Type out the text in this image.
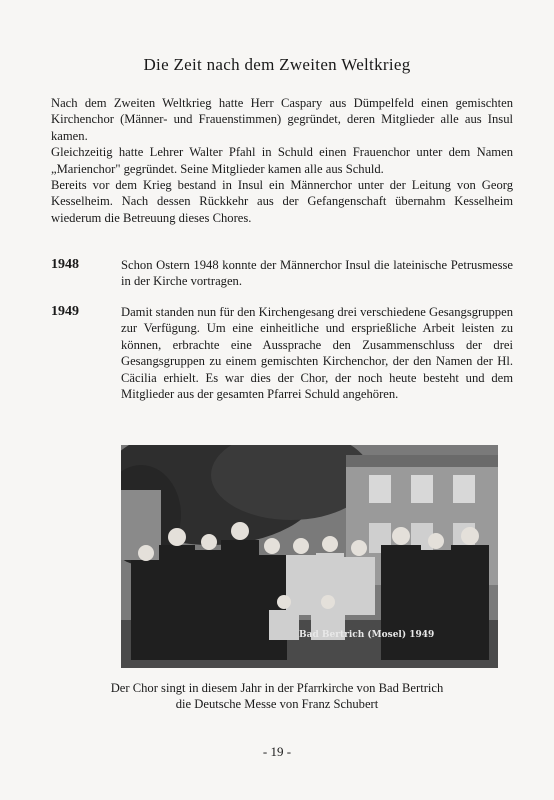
Die Zeit nach dem Zweiten Weltkrieg

Nach dem Zweiten Weltkrieg hatte Herr Caspary aus Dümpelfeld einen gemischten Kirchenchor (Männer- und Frauenstimmen) gegründet, deren Mitglieder alle aus Insul kamen.

Gleichzeitig hatte Lehrer Walter Pfahl in Schuld einen Frauenchor unter dem Namen „Marienchor" gegründet. Seine Mitglieder kamen alle aus Schuld.

Bereits vor dem Krieg bestand in Insul ein Männerchor unter der Leitung von Georg Kesselheim. Nach dessen Rückkehr aus der Gefangenschaft übernahm Kesselheim wiederum die Betreuung dieses Chores.

1948	Schon Ostern 1948 konnte der Männerchor Insul die lateinische Petrusmesse in der Kirche vortragen.
1949	Damit standen nun für den Kirchengesang drei verschiedene Gesangsgruppen zur Verfügung. Um eine einheitliche und ersprießliche Arbeit leisten zu können, erbrachte eine Aussprache den Zusammenschluss der drei Gesangsgruppen zu einem gemischten Kirchenchor, der den Namen der Hl. Cäcilia erhielt. Es war dies der Chor, der noch heute besteht und dem Mitglieder aus der gesamten Pfarrei Schuld angehören.
Bad Bertrich (Mosel) 1949
Der Chor singt in diesem Jahr in der Pfarrkirche von Bad Bertrich
die Deutsche Messe von Franz Schubert
- 19 -
